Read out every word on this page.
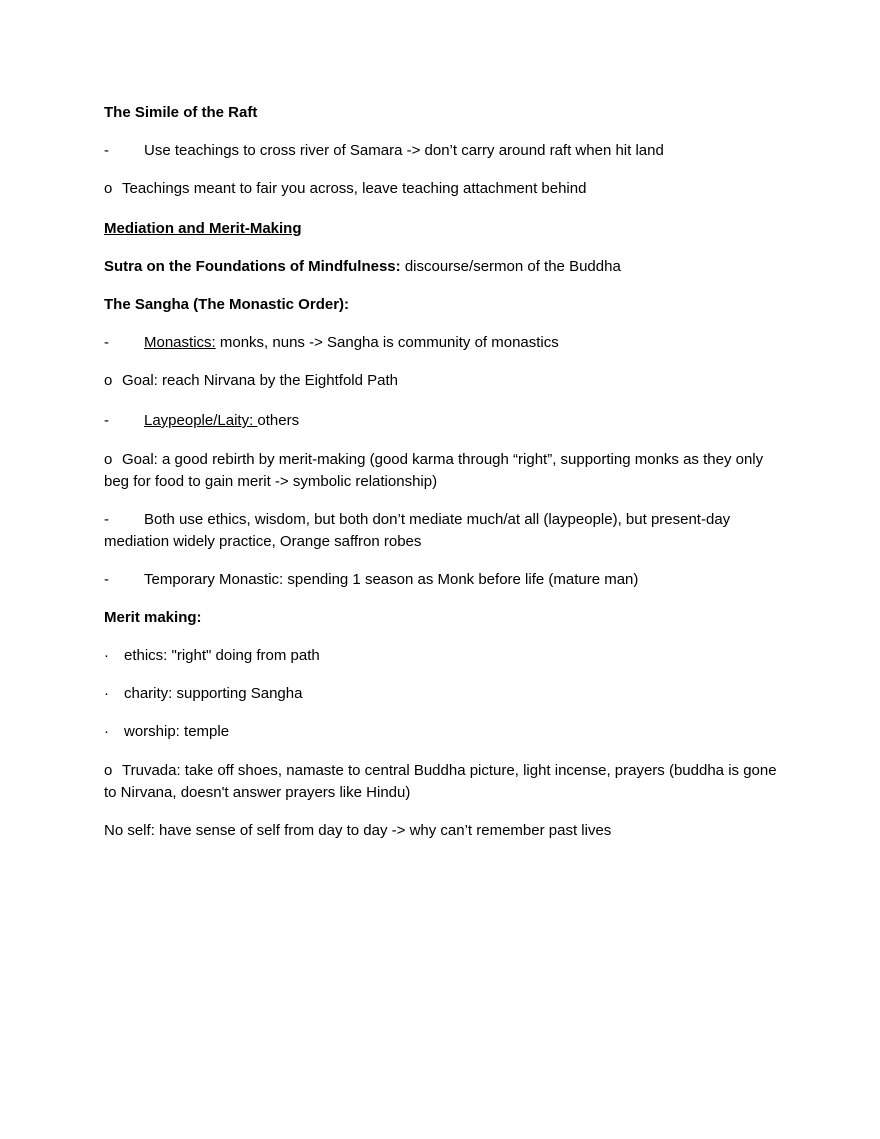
The Simile of the Raft
- Use teachings to cross river of Samara -> don’t carry around raft when hit land
o Teachings meant to fair you across, leave teaching attachment behind
Mediation and Merit-Making
Sutra on the Foundations of Mindfulness: discourse/sermon of the Buddha
The Sangha (The Monastic Order):
- Monastics: monks, nuns -> Sangha is community of monastics
o Goal: reach Nirvana by the Eightfold Path
- Laypeople/Laity: others
o Goal: a good rebirth by merit-making (good karma through “right”, supporting monks as they only beg for food to gain merit -> symbolic relationship)
- Both use ethics, wisdom, but both don’t mediate much/at all (laypeople), but present-day mediation widely practice, Orange saffron robes
- Temporary Monastic: spending 1 season as Monk before life (mature man)
Merit making:
· ethics: "right" doing from path
· charity: supporting Sangha
· worship: temple
o Truvada: take off shoes, namaste to central Buddha picture, light incense, prayers (buddha is gone to Nirvana, doesn't answer prayers like Hindu)
No self: have sense of self from day to day -> why can’t remember past lives
